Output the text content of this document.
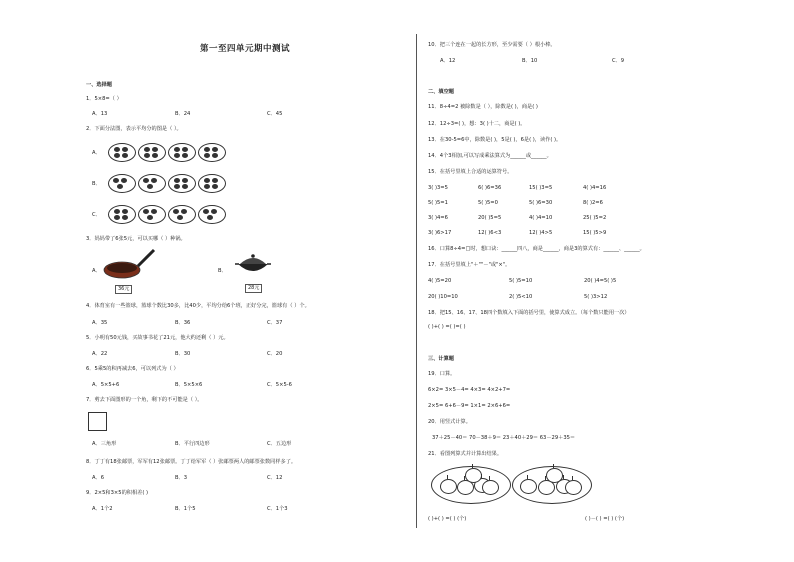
第一至四单元期中测试
一、选择题
1．5×8=（ ）
A．13	B．24	C．45
2．下面分法图，表示平均分的图是（ ）。
A．
B．
C．
3．妈妈带了6张5元，可以买哪（ ）种锅。
A．	B．
36元	28元
4．体育室有一些篮球，篮球个数比30多，比40少，平均分给6个班，正好分完，篮球有（ ）个。
A．35	B．36	C．37
5．小明有50元钱，买故事书花了21元，他大约还剩（ ）元。
A．22	B．30	C．20
6．5乘5的积再减去6，可以列式为（ ）
A．5×5+6	B．5×5×6	C．5×5-6
7．剪去下面图形的一个角，剩下的不可能是（ ）。
A．三角形	B．平行四边形	C．五边形
8．丁丁有18张邮票，军军有12张邮票。丁丁给军军（ ）张邮票两人的邮票张数同样多了。
A．6	B．3	C．12
9．2×5和3×5的积相差( )
A．1个2	B．1个5	C．1个3
10．把三个连在一起的长方形，至少需要（ ）根小棒。
A．12	B．10	C．9
二、填空题
11．8÷4=2 被除数是（ ），除数是( )，商是( )
12．12÷3=( )，想：3( )十二，商是( )。
13．在30-5=6中，除数是( )，5是( )，6是( )，读作( )。
14．4个3相加,可以写成乘法算式为______或______。
15．在括号里填上合适的运算符号。
3( )3=5	6( )6=36	15( )3=5	4( )4=16
5( )5=1	5( )5=0	5( )6=30	8( )2=6
3( )4=6	20( )5=5	4( )4=10	25( )5=2
3( )6>17	12( )6<3	12( )4>5	15( )5>9
16．口算8÷4=□时，想口诀：______四八，商是______，商是3的算式有：______、______。
17．在括号里填上"＋""－"或"×"。
4( )5=20	5( )5=10	20( )4=5( )5
20( )10=10	2( )5<10	5( )3>12
18．把15、16、17、18四个数填入下面的括号里，使算式成立。（每个数只能用一次）
( )+( ) =( )=( )
三、计算题
19．口算。
6×2= 3×5－4= 4×3= 4×2+7=
2×5= 6+6－9= 1×1= 2×6+6=
20．用竖式计算。
37＋25－40＝ 70－38＋9＝ 23＋40＋29＝ 63－29＋35＝
21．看图列算式并计算出结果。
( )+( ) =( ) (个)	( )－( ) =( ) (个)
